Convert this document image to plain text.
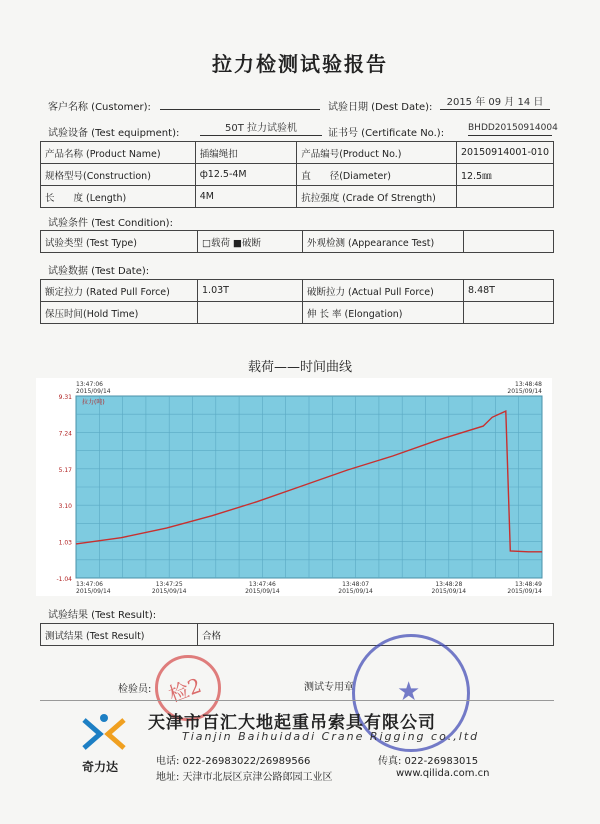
拉力检测试验报告
客户名称 (Customer):	试验日期 (Dest Date):	2015 年 09 月 14 日
试验设备 (Test equipment):	50T 拉力试验机	证书号 (Certificate No.):	BHDD20150914004
产品名称 (Product Name)	插编绳扣	产品编号(Product No.)	20150914001-010
规格型号(Construction)	ф12.5-4M	直　　径(Diameter)	12.5㎜
长　　度 (Length)	4M	抗拉强度 (Crade Of Strength)	
试验条件 (Test Condition):
试验类型 (Test Type)	□载荷 ■破断	外观检测 (Appearance Test)	
试验数据 (Test Date):
额定拉力 (Rated Pull Force)	1.03T	破断拉力 (Actual Pull Force)	8.48T
保压时间(Hold Time)		伸 长 率 (Elongation)	
载荷——时间曲线
9.31
7.24
5.17
3.10
1.03
-1.04
13:47:06
2015/09/14
13:47:25
2015/09/14
13:47:46
2015/09/14
13:48:07
2015/09/14
13:48:28
2015/09/14
13:48:49
2015/09/14
13:47:06
2015/09/14
13:48:48
2015/09/14
拉力(吨)
试验结果 (Test Result):
测试结果 (Test Result)	合格
检验员:	测试专用章
检2	★
奇力达
天津市百汇大地起重吊索具有限公司
Tianjin Baihuidadi Crane Rigging co.,ltd
电话: 022-26983022/26989566	传真: 022-26983015
地址: 天津市北辰区京津公路郎园工业区	www.qilida.com.cn
